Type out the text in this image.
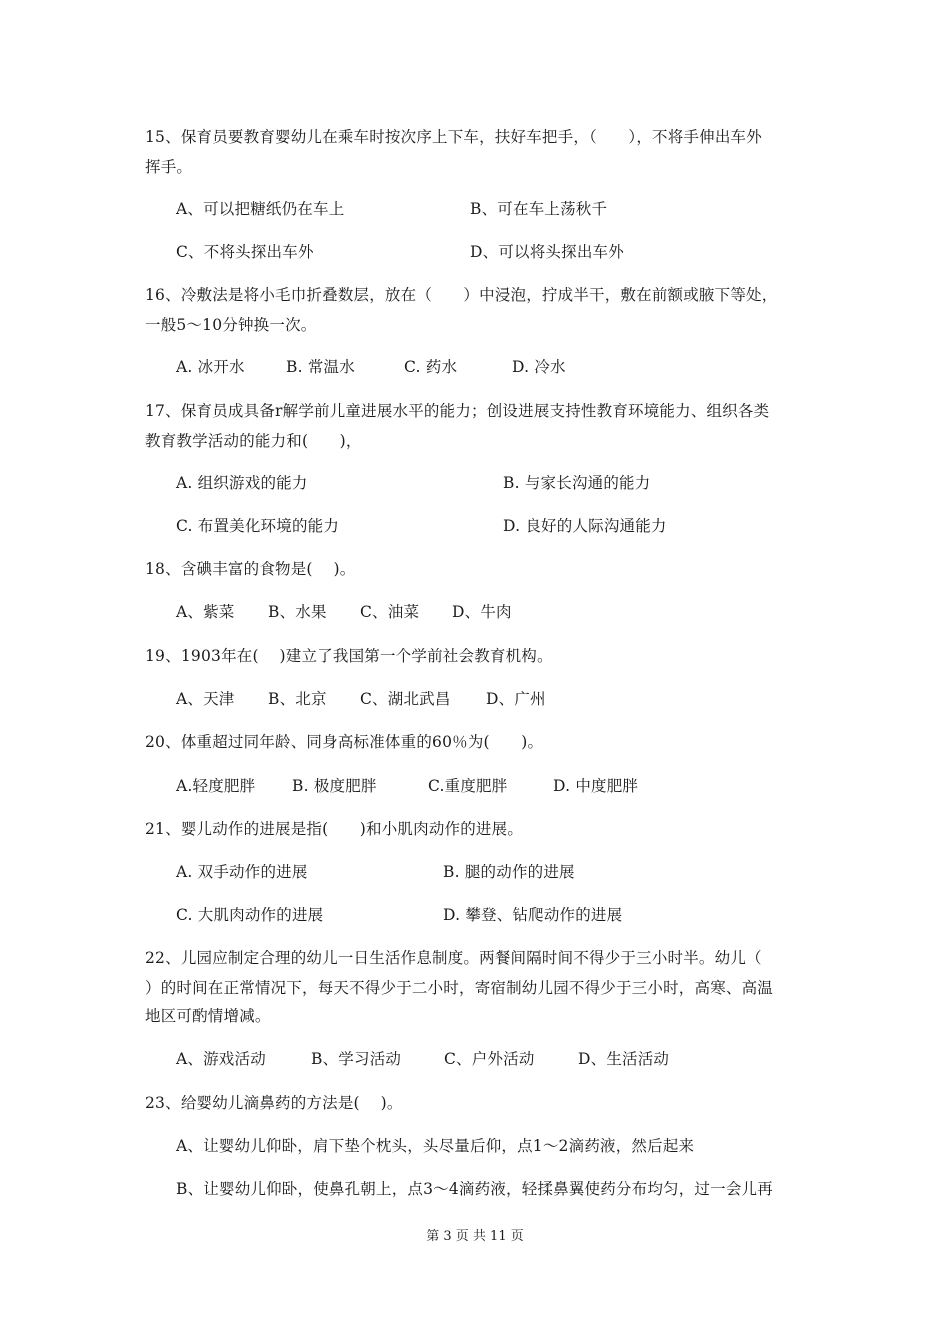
15、保育员要教育婴幼儿在乘车时按次序上下车，扶好车把手，（　　），不将手伸出车外
挥手。
A、可以把糖纸仍在车上	B、可在车上荡秋千
C、不将头探出车外	D、可以将头探出车外
16、冷敷法是将小毛巾折叠数层，放在（　　）中浸泡，拧成半干，敷在前额或腋下等处，
一般5～10分钟换一次。
A. 冰开水	B. 常温水	C. 药水	D. 冷水
17、保育员成具备r解学前儿童进展水平的能力；创设进展支持性教育环境能力、组织各类
教育教学活动的能力和(　　)，
A. 组织游戏的能力	B. 与家长沟通的能力
C. 布置美化环境的能力	D. 良好的人际沟通能力
18、含碘丰富的食物是(　 )。
A、紫菜 B、水果 C、油菜 D、牛肉
19、1903年在(　 )建立了我国第一个学前社会教育机构。
A、天津 B、北京 C、湖北武昌 D、广州
20、体重超过同年龄、同身高标准体重的60％为(　　)。
A.轻度肥胖 B. 极度肥胖	C.重度肥胖	D. 中度肥胖
21、婴儿动作的进展是指(　　)和小肌肉动作的进展。
A. 双手动作的进展	B. 腿的动作的进展
C. 大肌肉动作的进展	D. 攀登、钻爬动作的进展
22、儿园应制定合理的幼儿一日生活作息制度。两餐间隔时间不得少于三小时半。幼儿（
）的时间在正常情况下，每天不得少于二小时，寄宿制幼儿园不得少于三小时，高寒、高温
地区可酌情增减。
A、游戏活动	B、学习活动	C、户外活动	D、生活活动
23、给婴幼儿滴鼻药的方法是(　 )。
A、让婴幼儿仰卧，肩下垫个枕头，头尽量后仰，点1～2滴药液，然后起来
B、让婴幼儿仰卧，使鼻孔朝上，点3～4滴药液，轻揉鼻翼使药分布均匀，过一会儿再
第 3 页 共 11 页
